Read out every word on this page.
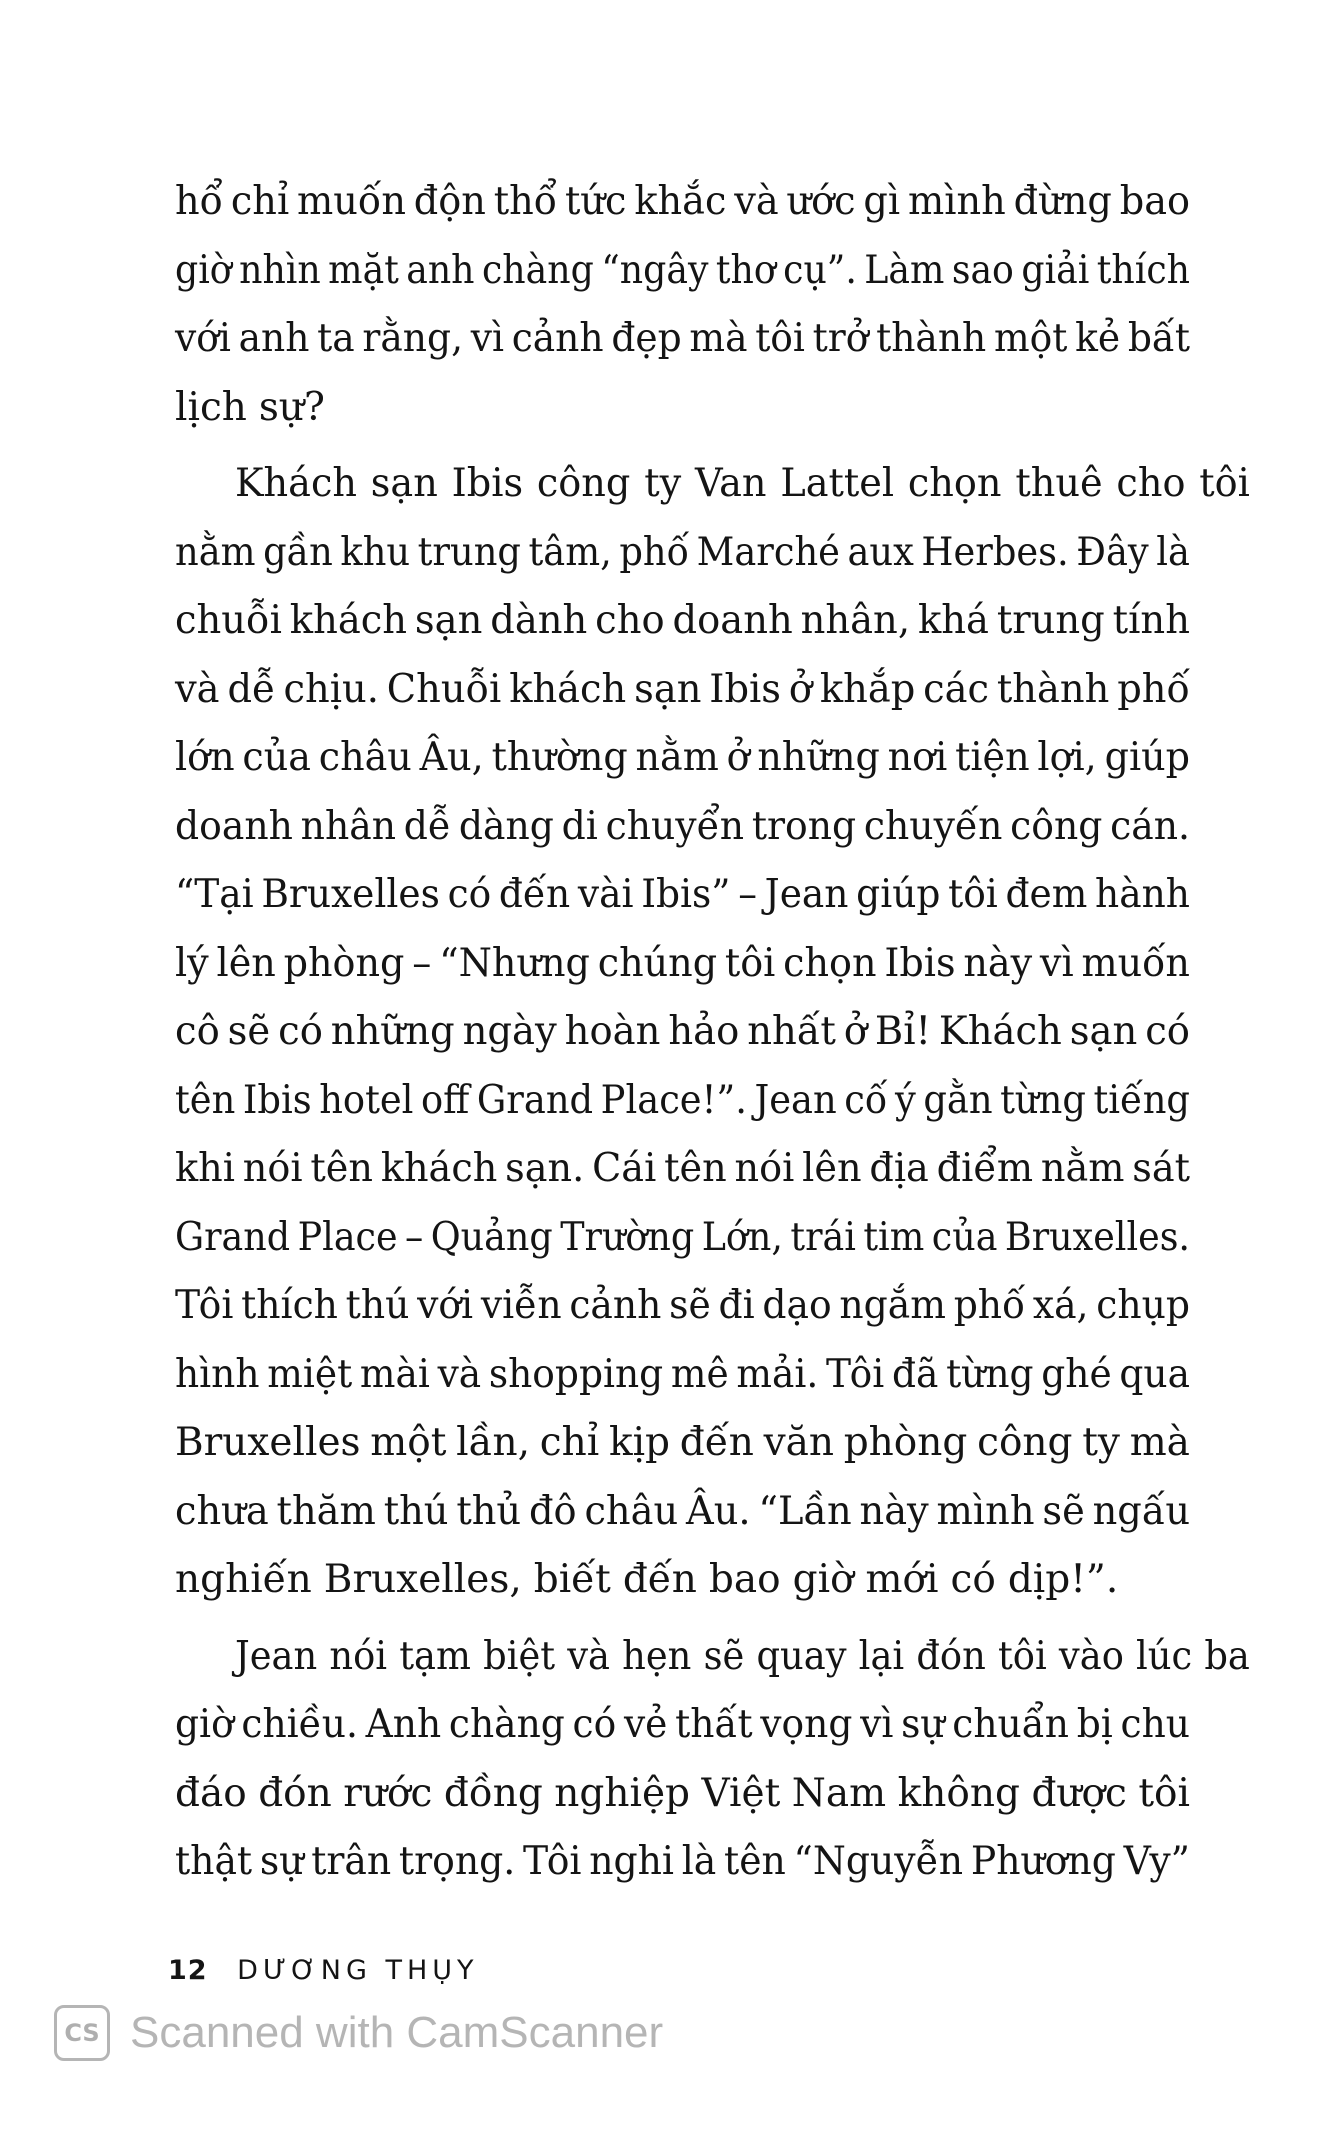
hổ chỉ muốn độn thổ tức khắc và ước gì mình đừng bao
giờ nhìn mặt anh chàng “ngây thơ cụ”. Làm sao giải thích
với anh ta rằng, vì cảnh đẹp mà tôi trở thành một kẻ bất
lịch sự?
Khách sạn Ibis công ty Van Lattel chọn thuê cho tôi
nằm gần khu trung tâm, phố Marché aux Herbes. Đây là
chuỗi khách sạn dành cho doanh nhân, khá trung tính
và dễ chịu. Chuỗi khách sạn Ibis ở khắp các thành phố
lớn của châu Âu, thường nằm ở những nơi tiện lợi, giúp
doanh nhân dễ dàng di chuyển trong chuyến công cán.
“Tại Bruxelles có đến vài Ibis” – Jean giúp tôi đem hành
lý lên phòng – “Nhưng chúng tôi chọn Ibis này vì muốn
cô sẽ có những ngày hoàn hảo nhất ở Bỉ! Khách sạn có
tên Ibis hotel off Grand Place!”. Jean cố ý gằn từng tiếng
khi nói tên khách sạn. Cái tên nói lên địa điểm nằm sát
Grand Place – Quảng Trường Lớn, trái tim của Bruxelles.
Tôi thích thú với viễn cảnh sẽ đi dạo ngắm phố xá, chụp
hình miệt mài và shopping mê mải. Tôi đã từng ghé qua
Bruxelles một lần, chỉ kịp đến văn phòng công ty mà
chưa thăm thú thủ đô châu Âu. “Lần này mình sẽ ngấu
nghiến Bruxelles, biết đến bao giờ mới có dịp!”.
Jean nói tạm biệt và hẹn sẽ quay lại đón tôi vào lúc ba
giờ chiều. Anh chàng có vẻ thất vọng vì sự chuẩn bị chu
đáo đón rước đồng nghiệp Việt Nam không được tôi
thật sự trân trọng. Tôi nghi là tên “Nguyễn Phương Vy”
12 DƯƠNG THỤY
CS Scanned with CamScanner
